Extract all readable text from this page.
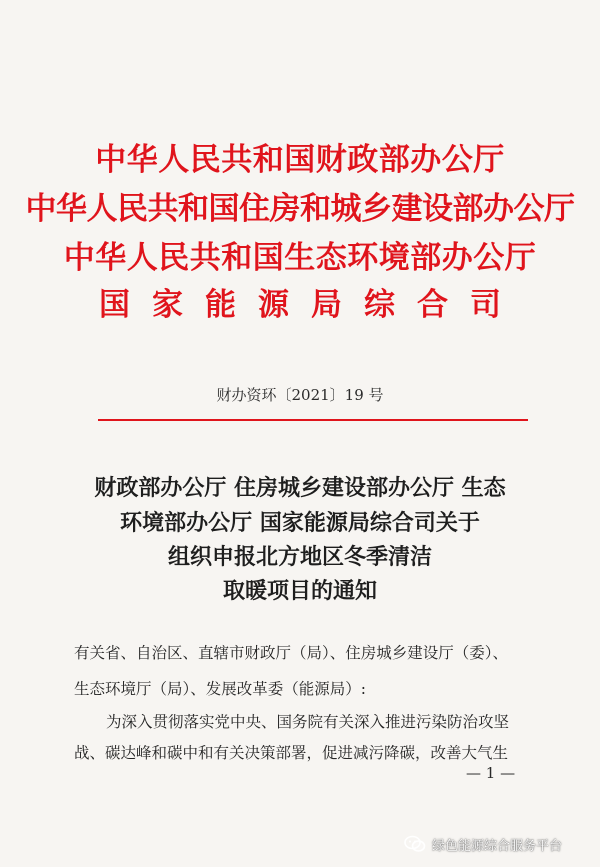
中华人民共和国财政部办公厅
中华人民共和国住房和城乡建设部办公厅
中华人民共和国生态环境部办公厅
国家能源局综合司
财办资环〔2021〕19 号
财政部办公厅 住房城乡建设部办公厅 生态
环境部办公厅 国家能源局综合司关于
组织申报北方地区冬季清洁
取暖项目的通知
有关省、自治区、直辖市财政厅（局）、住房城乡建设厅（委）、
生态环境厅（局）、发展改革委（能源局）:
为深入贯彻落实党中央、国务院有关深入推进污染防治攻坚
战、碳达峰和碳中和有关决策部署，促进减污降碳，改善大气生
— 1 —
绿色能源综合服务平台
